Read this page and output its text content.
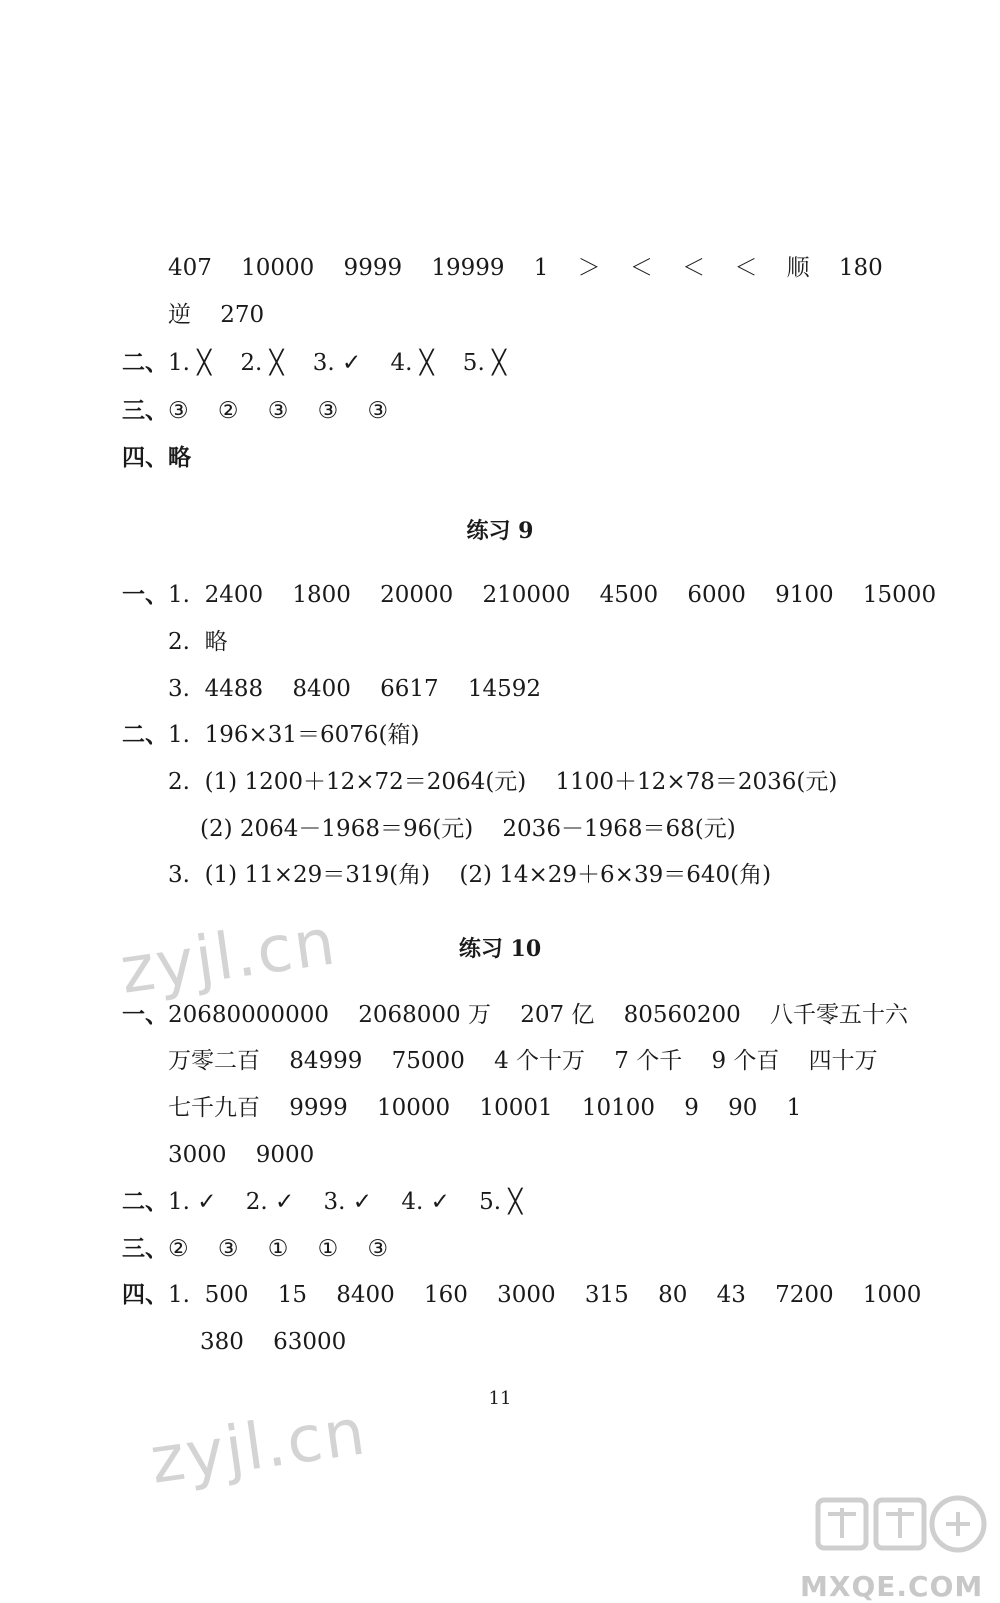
407    10000    9999    19999    1    ＞    ＜    ＜    ＜    顺    180
逆    270
二、 1. ╳    2. ╳    3. ✓    4. ╳    5. ╳
三、 ③    ②    ③    ③    ③
四、 略
练习 9
一、 1.  2400    1800    20000    210000    4500    6000    9100    15000
2.  略
3.  4488    8400    6617    14592
二、 1.  196×31＝6076(箱)
2.  (1) 1200＋12×72＝2064(元)    1100＋12×78＝2036(元)
(2) 2064－1968＝96(元)    2036－1968＝68(元)
3.  (1) 11×29＝319(角)    (2) 14×29＋6×39＝640(角)
zyjl.cn	练习 10
一、 20680000000    2068000 万    207 亿    80560200    八千零五十六
万零二百    84999    75000    4 个十万    7 个千    9 个百    四十万
七千九百    9999    10000    10001    10100    9    90    1
3000    9000
二、 1. ✓    2. ✓    3. ✓    4. ✓    5. ╳
三、 ②    ③    ①    ①    ③
四、 1.  500    15    8400    160    3000    315    80    43    7200    1000
380    63000
11
zyjl.cn
MXQE.COM
